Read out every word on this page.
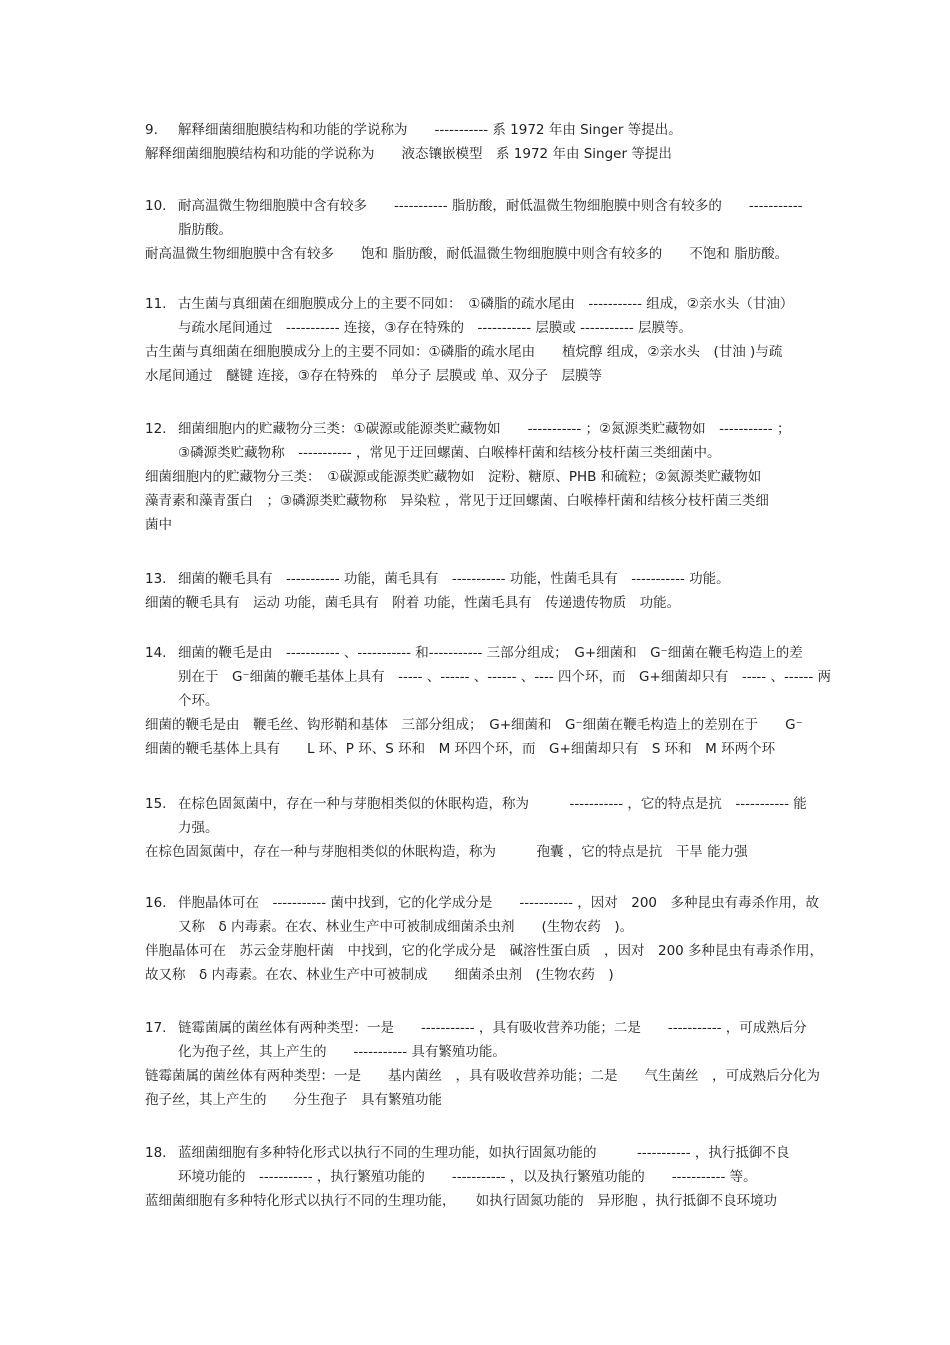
9. 解释细菌细胞膜结构和功能的学说称为　　----------- 系 1972 年由 Singer 等提出。
解释细菌细胞膜结构和功能的学说称为　　液态镶嵌模型　系 1972 年由 Singer 等提出
10. 耐高温微生物细胞膜中含有较多　　----------- 脂肪酸，耐低温微生物细胞膜中则含有较多的　　-----------
脂肪酸。
耐高温微生物细胞膜中含有较多　　饱和 脂肪酸，耐低温微生物细胞膜中则含有较多的　　不饱和 脂肪酸。
11. 古生菌与真细菌在细胞膜成分上的主要不同如：　①磷脂的疏水尾由　----------- 组成，②亲水头（甘油）
与疏水尾间通过　----------- 连接，③存在特殊的　----------- 层膜或 ----------- 层膜等。
古生菌与真细菌在细胞膜成分上的主要不同如：①磷脂的疏水尾由　　植烷醇 组成，②亲水头　(甘油 )与疏
水尾间通过　醚键 连接，③存在特殊的　单分子 层膜或 单、双分子　层膜等
12. 细菌细胞内的贮藏物分三类：①碳源或能源类贮藏物如　　----------- ；②氮源类贮藏物如　----------- ；
③磷源类贮藏物称　----------- ，常见于迂回螺菌、白喉棒杆菌和结核分枝杆菌三类细菌中。
细菌细胞内的贮藏物分三类：　①碳源或能源类贮藏物如　淀粉、糖原、PHB 和硫粒；②氮源类贮藏物如
藻青素和藻青蛋白　；③磷源类贮藏物称　异染粒 ，常见于迂回螺菌、白喉棒杆菌和结核分枝杆菌三类细
菌中
13. 细菌的鞭毛具有　----------- 功能，菌毛具有　----------- 功能，性菌毛具有　----------- 功能。
细菌的鞭毛具有　运动 功能，菌毛具有　附着 功能，性菌毛具有　传递遗传物质　功能。
14. 细菌的鞭毛是由　----------- 、----------- 和----------- 三部分组成；　G+细菌和　G⁻细菌在鞭毛构造上的差
别在于　G⁻细菌的鞭毛基体上具有　----- 、------ 、------ 、---- 四个环，而　G+细菌却只有　----- 、------ 两
个环。
细菌的鞭毛是由　鞭毛丝、钩形鞘和基体　三部分组成；　G+细菌和　G⁻细菌在鞭毛构造上的差别在于　　G⁻
细菌的鞭毛基体上具有　　L 环、P 环、S 环和　M 环四个环，而　G+细菌却只有　S 环和　M 环两个环
15. 在棕色固氮菌中，存在一种与芽胞相类似的休眠构造，称为　　　----------- ，它的特点是抗　----------- 能
力强。
在棕色固氮菌中，存在一种与芽胞相类似的休眠构造，称为　　　孢囊 ，它的特点是抗　干旱 能力强
16. 伴胞晶体可在　----------- 菌中找到，它的化学成分是　　----------- ，因对　200　多种昆虫有毒杀作用，故
又称　δ 内毒素。在农、林业生产中可被制成细菌杀虫剂　　(生物农药　)。
伴胞晶体可在　苏云金芽胞杆菌　中找到，它的化学成分是　碱溶性蛋白质　，因对　200 多种昆虫有毒杀作用，
故又称　δ 内毒素。在农、林业生产中可被制成　　细菌杀虫剂　(生物农药　)
17. 链霉菌属的菌丝体有两种类型：一是　　----------- ，具有吸收营养功能；二是　　----------- ，可成熟后分
化为孢子丝，其上产生的　　----------- 具有繁殖功能。
链霉菌属的菌丝体有两种类型：一是　　基内菌丝　，具有吸收营养功能；二是　　气生菌丝　，可成熟后分化为
孢子丝，其上产生的　　分生孢子　具有繁殖功能
18. 蓝细菌细胞有多种特化形式以执行不同的生理功能，如执行固氮功能的　　　----------- ，执行抵御不良
环境功能的　----------- ，执行繁殖功能的　　----------- ，以及执行繁殖功能的　　----------- 等。
蓝细菌细胞有多种特化形式以执行不同的生理功能，　　如执行固氮功能的　异形胞 ，执行抵御不良环境功
